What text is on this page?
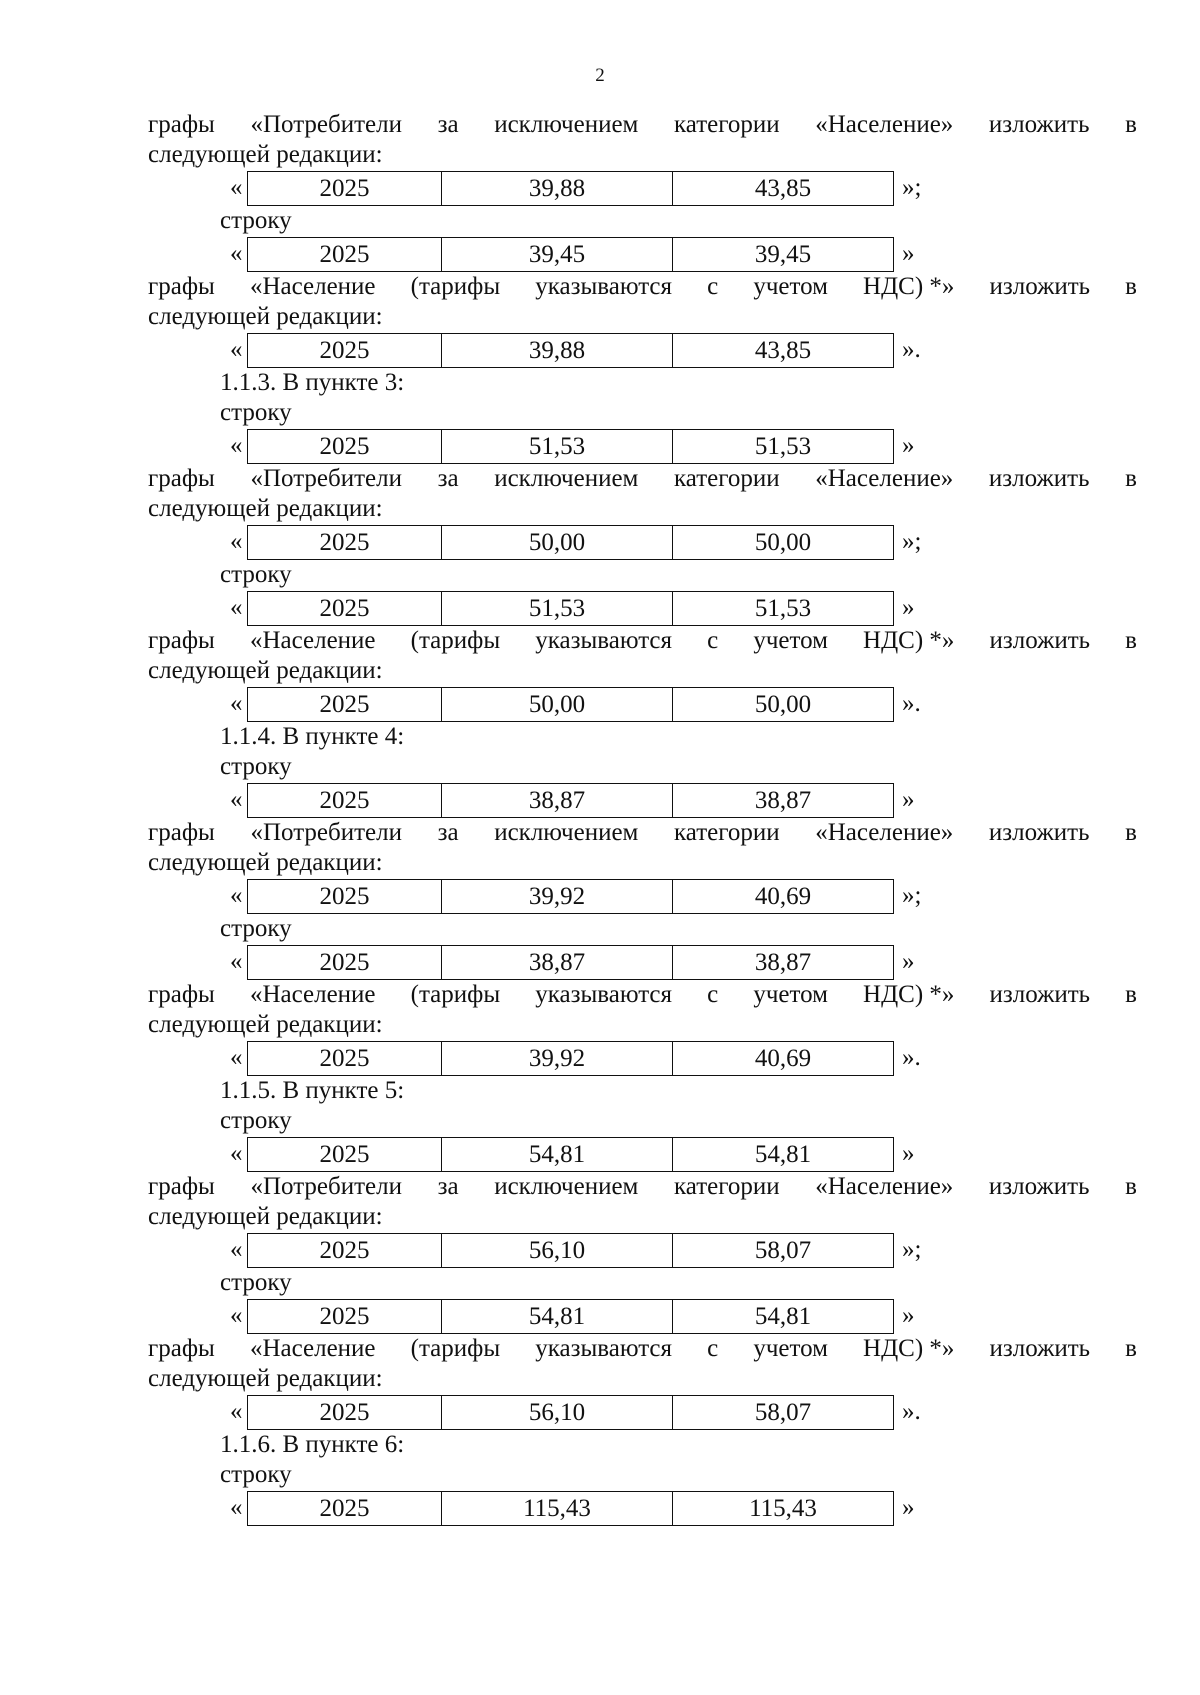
2
графы «Потребители за исключением категории «Население» изложить в
следующей редакции:
«	2025	39,88	43,85	»;
строку
«	2025	39,45	39,45	»
графы «Население (тарифы указываются с учетом НДС) *» изложить в
следующей редакции:
«	2025	39,88	43,85	».
1.1.3. В пункте 3:
строку
«	2025	51,53	51,53	»
графы «Потребители за исключением категории «Население» изложить в
следующей редакции:
«	2025	50,00	50,00	»;
строку
«	2025	51,53	51,53	»
графы «Население (тарифы указываются с учетом НДС) *» изложить в
следующей редакции:
«	2025	50,00	50,00	».
1.1.4. В пункте 4:
строку
«	2025	38,87	38,87	»
графы «Потребители за исключением категории «Население» изложить в
следующей редакции:
«	2025	39,92	40,69	»;
строку
«	2025	38,87	38,87	»
графы «Население (тарифы указываются с учетом НДС) *» изложить в
следующей редакции:
«	2025	39,92	40,69	».
1.1.5. В пункте 5:
строку
«	2025	54,81	54,81	»
графы «Потребители за исключением категории «Население» изложить в
следующей редакции:
«	2025	56,10	58,07	»;
строку
«	2025	54,81	54,81	»
графы «Население (тарифы указываются с учетом НДС) *» изложить в
следующей редакции:
«	2025	56,10	58,07	».
1.1.6. В пункте 6:
строку
«	2025	115,43	115,43	»
